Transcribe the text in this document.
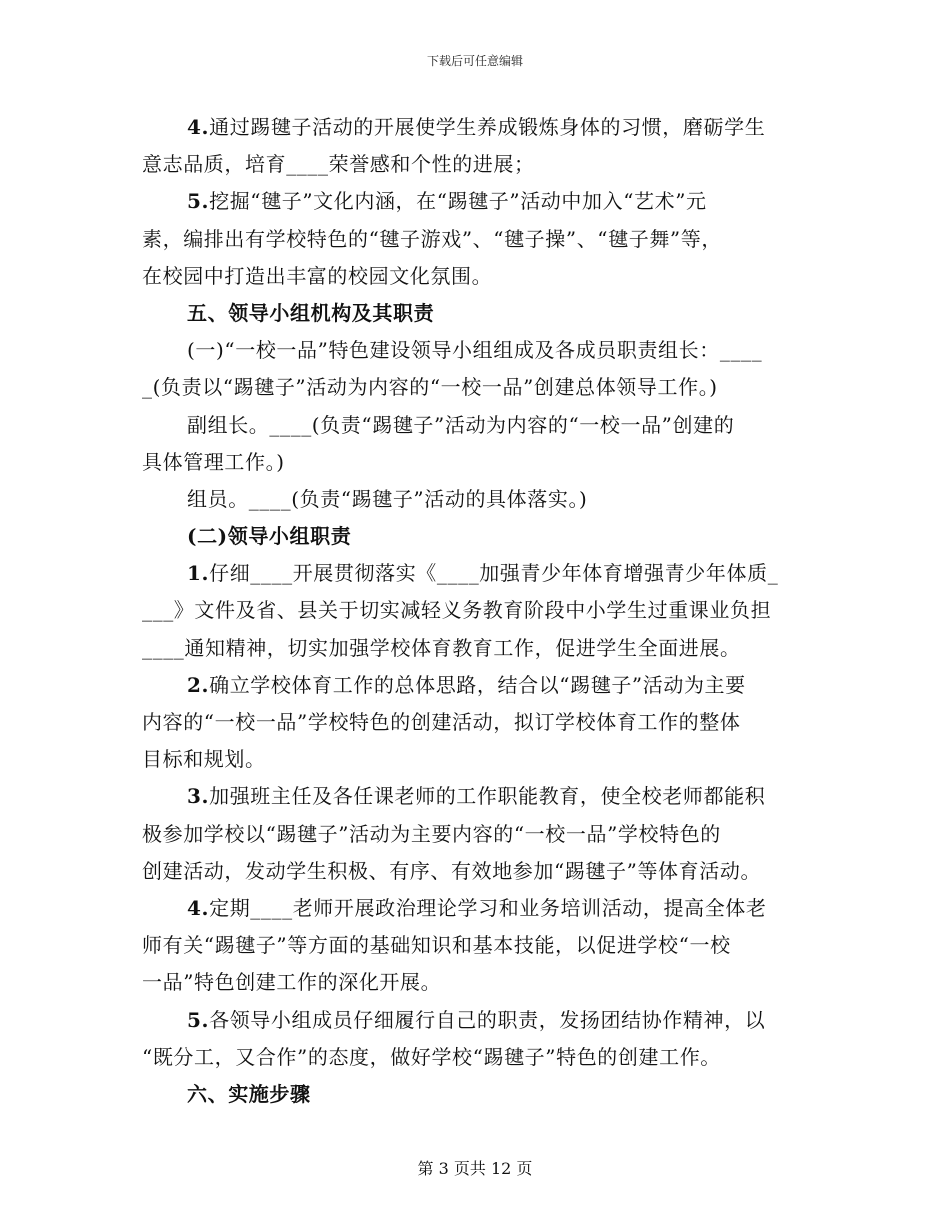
下载后可任意编辑
4.通过踢毽子活动的开展使学生养成锻炼身体的习惯，磨砺学生
意志品质，培育____荣誉感和个性的进展；
5.挖掘“毽子”文化内涵，在“踢毽子”活动中加入“艺术”元
素，编排出有学校特色的“毽子游戏”、“毽子操”、“毽子舞”等，
在校园中打造出丰富的校园文化氛围。
五、领导小组机构及其职责
(一)“一校一品”特色建设领导小组组成及各成员职责组长：____
_(负责以“踢毽子”活动为内容的“一校一品”创建总体领导工作。)
副组长。____(负责“踢毽子”活动为内容的“一校一品”创建的
具体管理工作。)
组员。____(负责“踢毽子”活动的具体落实。)
(二)领导小组职责
1.仔细____开展贯彻落实《____加强青少年体育增强青少年体质_
___》文件及省、县关于切实减轻义务教育阶段中小学生过重课业负担
____通知精神，切实加强学校体育教育工作，促进学生全面进展。
2.确立学校体育工作的总体思路，结合以“踢毽子”活动为主要
内容的“一校一品”学校特色的创建活动，拟订学校体育工作的整体
目标和规划。
3.加强班主任及各任课老师的工作职能教育，使全校老师都能积
极参加学校以“踢毽子”活动为主要内容的“一校一品”学校特色的
创建活动，发动学生积极、有序、有效地参加“踢毽子”等体育活动。
4.定期____老师开展政治理论学习和业务培训活动，提高全体老
师有关“踢毽子”等方面的基础知识和基本技能，以促进学校“一校
一品”特色创建工作的深化开展。
5.各领导小组成员仔细履行自己的职责，发扬团结协作精神，以
“既分工，又合作”的态度，做好学校“踢毽子”特色的创建工作。
六、实施步骤
第 3 页共 12 页
